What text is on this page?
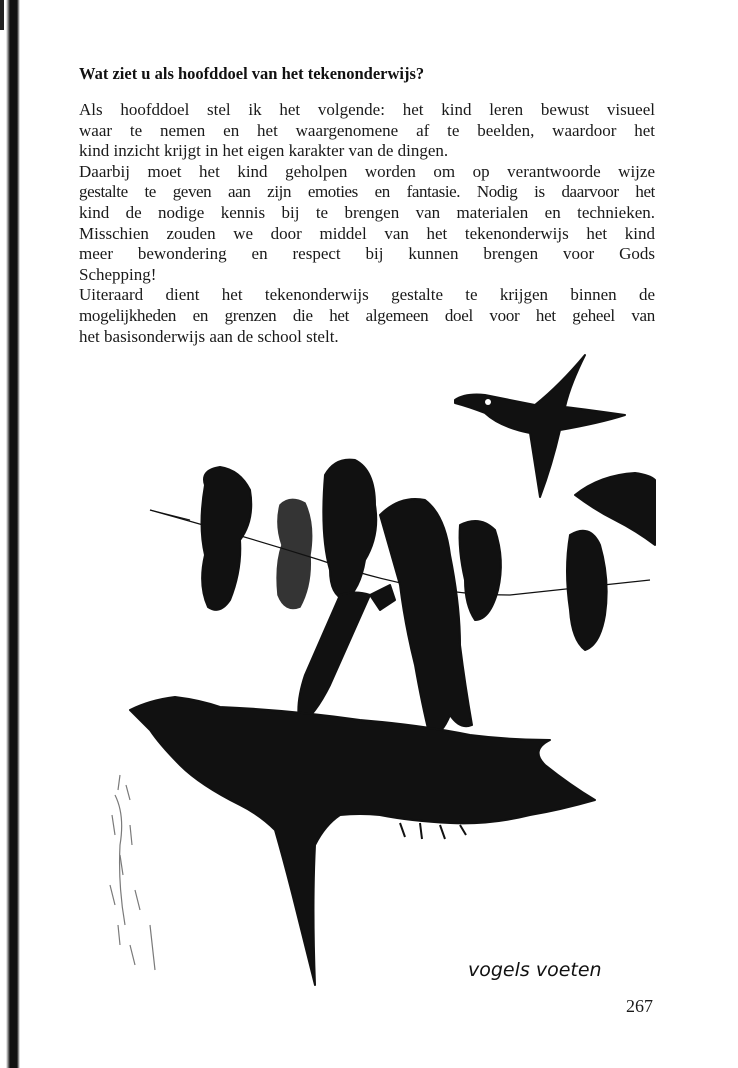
Wat ziet u als hoofddoel van het tekenonderwijs?
Als hoofddoel stel ik het volgende: het kind leren bewust visueel
waar te nemen en het waargenomene af te beelden, waardoor het
kind inzicht krijgt in het eigen karakter van de dingen.
Daarbij moet het kind geholpen worden om op verantwoorde wijze
gestalte te geven aan zijn emoties en fantasie. Nodig is daarvoor het
kind de nodige kennis bij te brengen van materialen en technieken.
Misschien zouden we door middel van het tekenonderwijs het kind
meer bewondering en respect bij kunnen brengen voor Gods
Schepping!
Uiteraard dient het tekenonderwijs gestalte te krijgen binnen de
mogelijkheden en grenzen die het algemeen doel voor het geheel van
het basisonderwijs aan de school stelt.
vogels voeten
267
